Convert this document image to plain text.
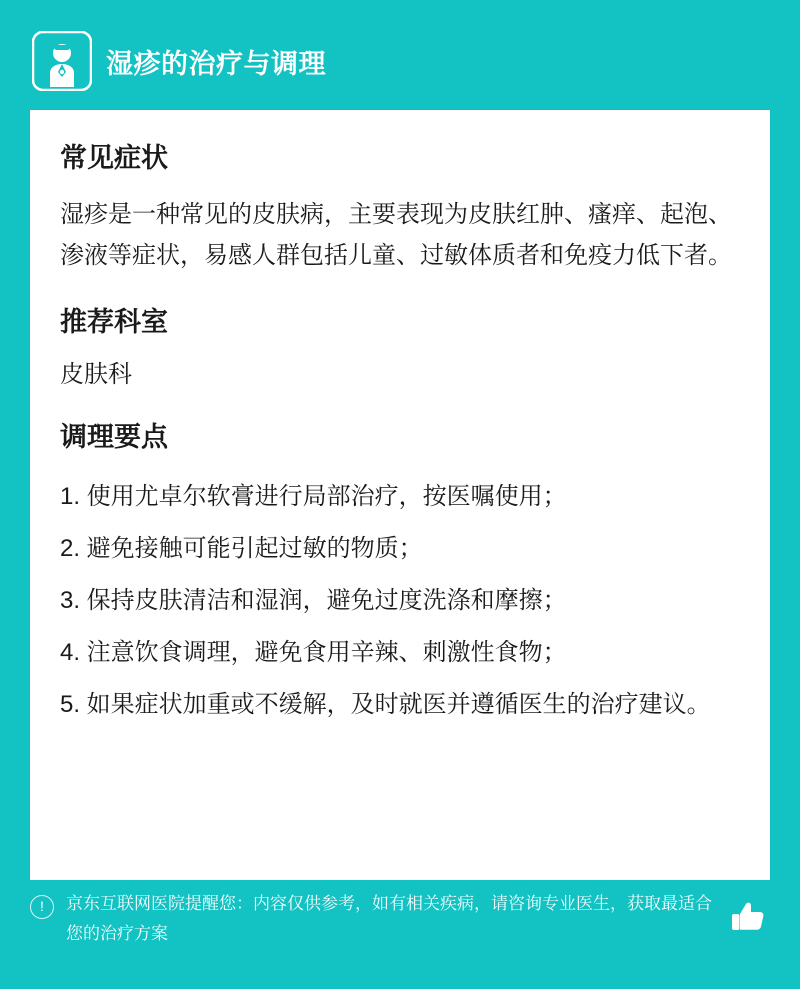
湿疹的治疗与调理
常见症状

湿疹是一种常见的皮肤病，主要表现为皮肤红肿、瘙痒、起泡、渗液等症状，易感人群包括儿童、过敏体质者和免疫力低下者。

推荐科室

皮肤科

调理要点
1. 使用尤卓尔软膏进行局部治疗，按医嘱使用；
2. 避免接触可能引起过敏的物质；
3. 保持皮肤清洁和湿润，避免过度洗涤和摩擦；
4. 注意饮食调理，避免食用辛辣、刺激性食物；
5. 如果症状加重或不缓解，及时就医并遵循医生的治疗建议。
!	京东互联网医院提醒您：内容仅供参考，如有相关疾病，请咨询专业医生，获取最适合您的治疗方案
